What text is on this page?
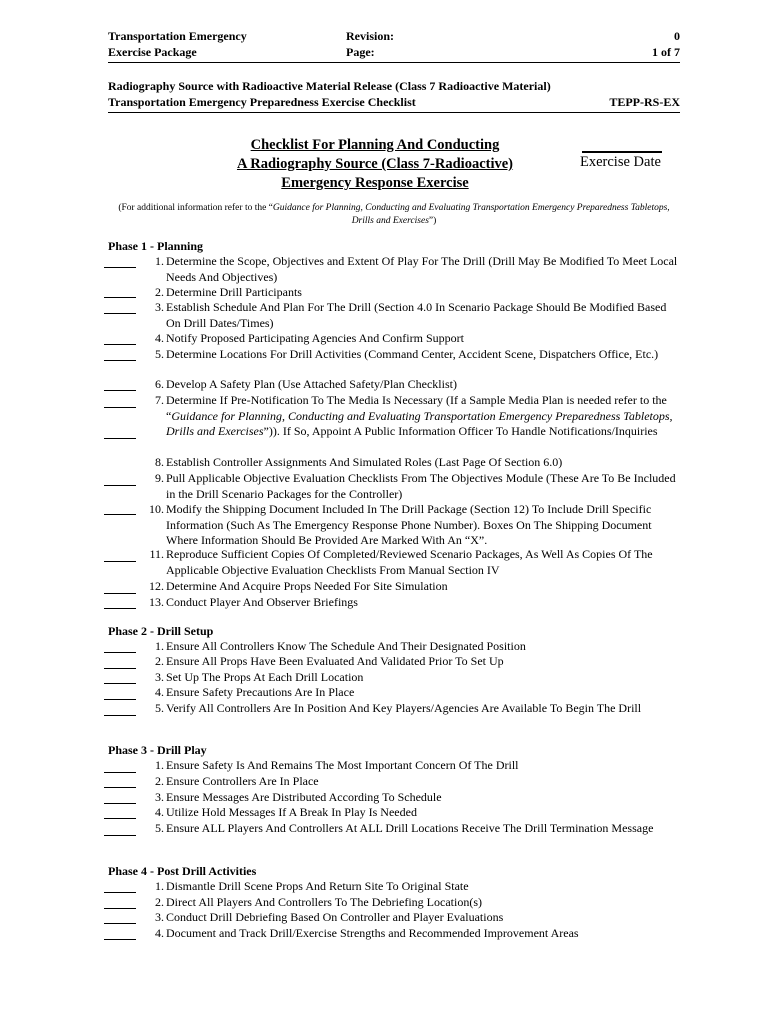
Transportation Emergency
Exercise Package
Revision:
Page:
0
1 of 7
Radiography Source with Radioactive Material Release (Class 7 Radioactive Material)
Transportation Emergency Preparedness Exercise Checklist	TEPP-RS-EX
Checklist For Planning And Conducting
A Radiography Source (Class 7-Radioactive)
Emergency Response Exercise
Exercise Date
(For additional information refer to the “Guidance for Planning, Conducting and Evaluating Transportation Emergency Preparedness Tabletops, Drills and Exercises”)
Phase 1 - Planning
1. Determine the Scope, Objectives and Extent Of Play For The Drill (Drill May Be Modified To Meet Local Needs And Objectives)
2. Determine Drill Participants
3. Establish Schedule And Plan For The Drill (Section 4.0 In Scenario Package Should Be Modified Based On Drill Dates/Times)
4. Notify Proposed Participating Agencies And Confirm Support
5. Determine Locations For Drill Activities (Command Center, Accident Scene, Dispatchers Office, Etc.)
6. Develop A Safety Plan (Use Attached Safety/Plan Checklist)
7. Determine If Pre-Notification To The Media Is Necessary (If a Sample Media Plan is needed refer to the “Guidance for Planning, Conducting and Evaluating Transportation Emergency Preparedness Tabletops, Drills and Exercises”)). If So, Appoint A Public Information Officer To Handle Notifications/Inquiries
8. Establish Controller Assignments And Simulated Roles (Last Page Of Section 6.0)
9. Pull Applicable Objective Evaluation Checklists From The Objectives Module (These Are To Be Included in the Drill Scenario Packages for the Controller)
10. Modify the Shipping Document Included In The Drill Package (Section 12) To Include Drill Specific Information (Such As The Emergency Response Phone Number). Boxes On The Shipping Document Where Information Should Be Provided Are Marked With An “X”.
11. Reproduce Sufficient Copies Of Completed/Reviewed Scenario Packages, As Well As Copies Of The Applicable Objective Evaluation Checklists From Manual Section IV
12. Determine And Acquire Props Needed For Site Simulation
13. Conduct Player And Observer Briefings
Phase 2 - Drill Setup
1. Ensure All Controllers Know The Schedule And Their Designated Position
2. Ensure All Props Have Been Evaluated And Validated Prior To Set Up
3. Set Up The Props At Each Drill Location
4. Ensure Safety Precautions Are In Place
5. Verify All Controllers Are In Position And Key Players/Agencies Are Available To Begin The Drill
Phase 3 - Drill Play
1. Ensure Safety Is And Remains The Most Important Concern Of The Drill
2. Ensure Controllers Are In Place
3. Ensure Messages Are Distributed According To Schedule
4. Utilize Hold Messages If A Break In Play Is Needed
5. Ensure ALL Players And Controllers At ALL Drill Locations Receive The Drill Termination Message
Phase 4 - Post Drill Activities
1. Dismantle Drill Scene Props And Return Site To Original State
2. Direct All Players And Controllers To The Debriefing Location(s)
3. Conduct Drill Debriefing Based On Controller and Player Evaluations
4. Document and Track Drill/Exercise Strengths and Recommended Improvement Areas
